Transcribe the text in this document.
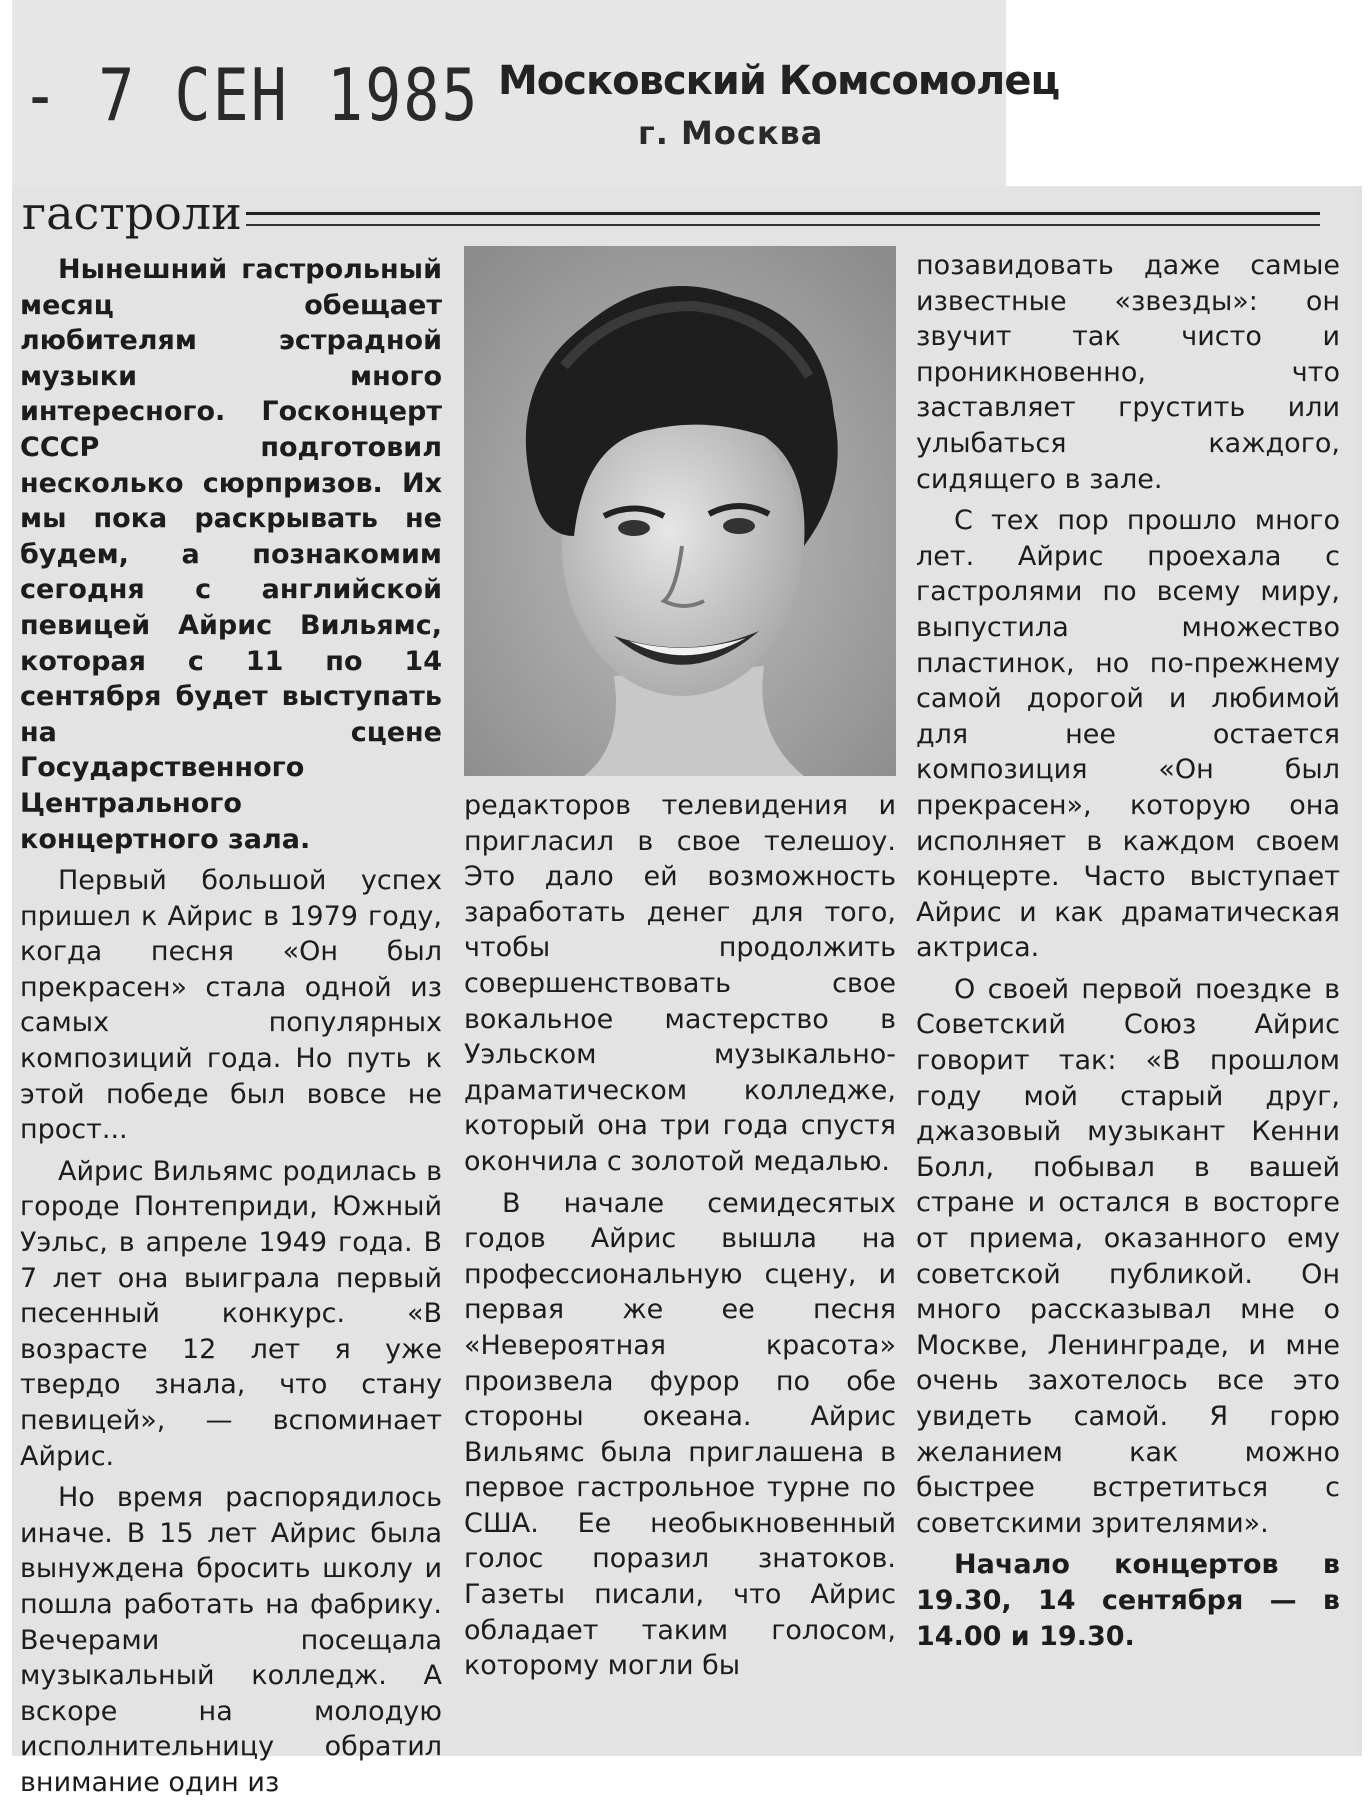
- 7 СЕН 1985 Московский Комсомолец
г. Москва
гастроли

Нынешний гастрольный месяц обещает любителям эстрадной музыки много интересного. Госконцерт СССР подготовил несколько сюрпризов. Их мы пока раскрывать не будем, а познакомим сегодня с английской певицей Айрис Вильямс, которая с 11 по 14 сентября будет выступать на сцене Государственного Центрального концертного зала.

Первый большой успех пришел к Айрис в 1979 году, когда песня «Он был прекрасен» стала одной из самых популярных композиций года. Но путь к этой победе был вовсе не прост...

Айрис Вильямс родилась в городе Понтеприди, Южный Уэльс, в апреле 1949 года. В 7 лет она выиграла первый песенный конкурс. «В возрасте 12 лет я уже твердо знала, что стану певицей», — вспоминает Айрис.

Но время распорядилось иначе. В 15 лет Айрис была вынуждена бросить школу и пошла работать на фабрику. Вечерами посещала музыкальный колледж. А вскоре на молодую исполнительницу обратил внимание один из

редакторов телевидения и пригласил в свое телешоу. Это дало ей возможность заработать денег для того, чтобы продолжить совершенствовать свое вокальное мастерство в Уэльском музыкально-драматическом колледже, который она три года спустя окончила с золотой медалью.

В начале семидесятых годов Айрис вышла на профессиональную сцену, и первая же ее песня «Невероятная красота» произвела фурор по обе стороны океана. Айрис Вильямс была приглашена в первое гастрольное турне по США. Ее необыкновенный голос поразил знатоков. Газеты писали, что Айрис обладает таким голосом, которому могли бы

позавидовать даже самые известные «звезды»: он звучит так чисто и проникновенно, что заставляет грустить или улыбаться каждого, сидящего в зале.

С тех пор прошло много лет. Айрис проехала с гастролями по всему миру, выпустила множество пластинок, но по-прежнему самой дорогой и любимой для нее остается композиция «Он был прекрасен», которую она исполняет в каждом своем концерте. Часто выступает Айрис и как драматическая актриса.

О своей первой поездке в Советский Союз Айрис говорит так: «В прошлом году мой старый друг, джазовый музыкант Кенни Болл, побывал в вашей стране и остался в восторге от приема, оказанного ему советской публикой. Он много рассказывал мне о Москве, Ленинграде, и мне очень захотелось все это увидеть самой. Я горю желанием как можно быстрее встретиться с советскими зрителями».

Начало концертов в 19.30, 14 сентября — в 14.00 и 19.30.
